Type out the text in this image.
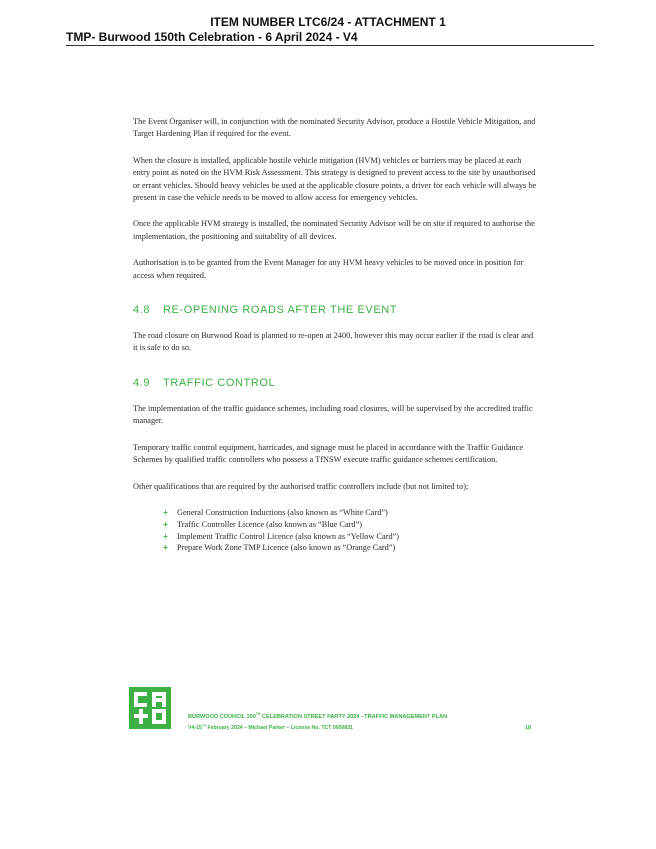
ITEM NUMBER LTC6/24 - ATTACHMENT 1
TMP- Burwood 150th Celebration - 6 April 2024 - V4

The Event Organiser will, in conjunction with the nominated Security Advisor, produce a Hostile Vehicle Mitigation, and Target Hardening Plan if required for the event.

When the closure is installed, applicable hostile vehicle mitigation (HVM) vehicles or barriers may be placed at each entry point as noted on the HVM Risk Assessment. This strategy is designed to prevent access to the site by unauthorised or errant vehicles. Should heavy vehicles be used at the applicable closure points, a driver for each vehicle will always be present in case the vehicle needs to be moved to allow access for emergency vehicles.

Once the applicable HVM strategy is installed, the nominated Security Advisor will be on site if required to authorise the implementation, the positioning and suitability of all devices.

Authorisation is to be granted from the Event Manager for any HVM heavy vehicles to be moved once in position for access when required.

4.8 RE-OPENING ROADS AFTER THE EVENT

The road closure on Burwood Road is planned to re-open at 2400, however this may occur earlier if the road is clear and it is safe to do so.

4.9 TRAFFIC CONTROL

The implementation of the traffic guidance schemes, including road closures, will be supervised by the accredited traffic manager.

Temporary traffic control equipment, barricades, and signage must be placed in accordance with the Traffic Guidance Schemes by qualified traffic controllers who possess a TfNSW execute traffic guidance schemes certification.

Other qualifications that are required by the authorised traffic controllers include (but not limited to);

+ General Construction Inductions (also known as “White Card”)
+ Traffic Controller Licence (also known as “Blue Card”)
+ Implement Traffic Control Licence (also known as “Yellow Card”)
+ Prepare Work Zone TMP Licence (also known as “Orange Card”)
BURWOOD COUNCIL 150TH CELEBRATION STREET PARTY 2024 –TRAFFIC MANAGEMENT PLAN
V4-15TH February 2024 – Michael Parker – License No. TCT 0050831	18
